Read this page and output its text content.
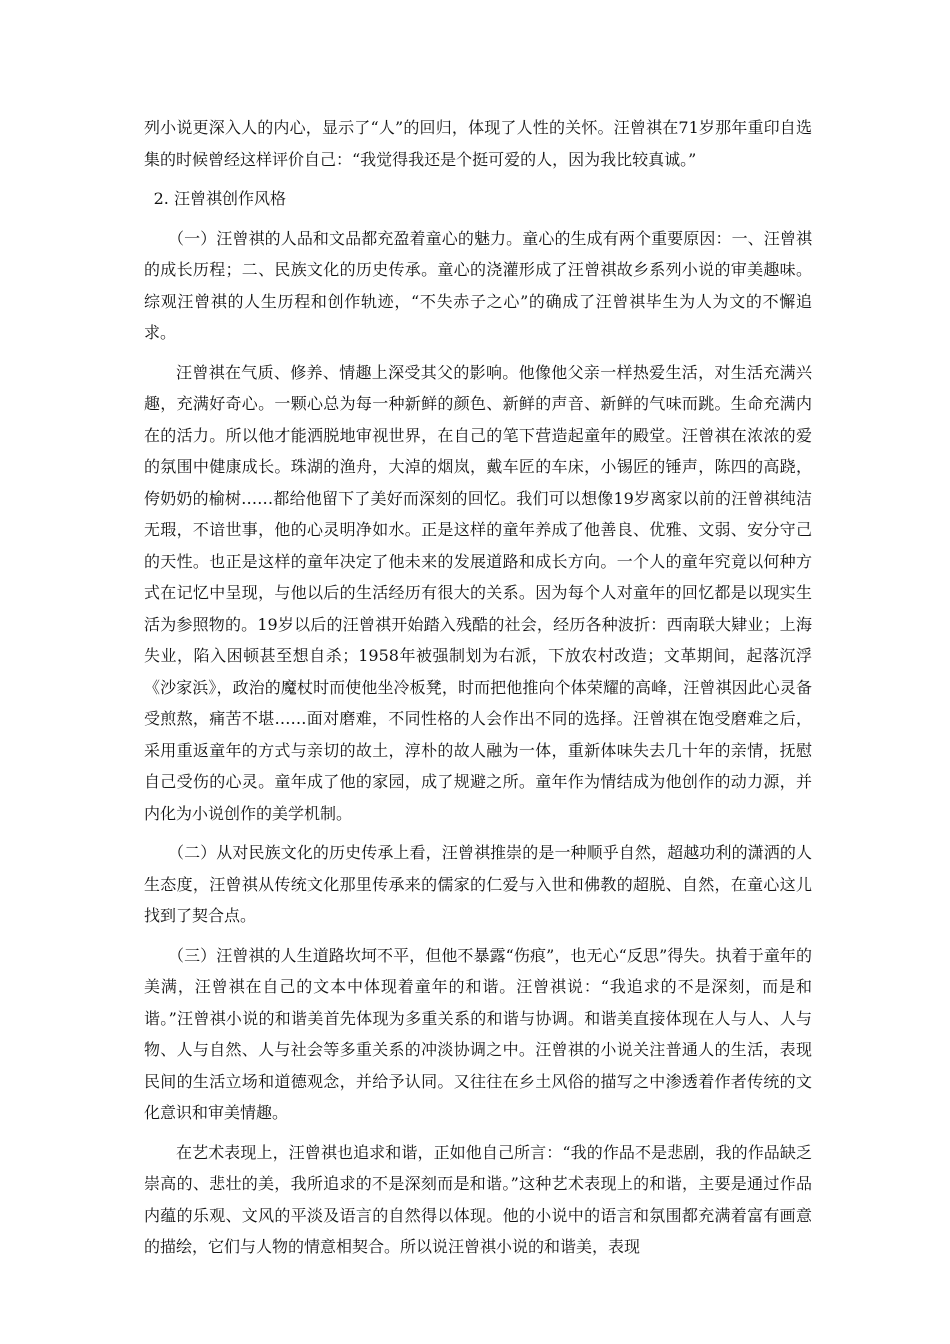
列小说更深入人的内心，显示了“人”的回归，体现了人性的关怀。汪曾祺在71岁那年重印自选集的时候曾经这样评价自己：“我觉得我还是个挺可爱的人，因为我比较真诚。”

2. 汪曾祺创作风格

（一）汪曾祺的人品和文品都充盈着童心的魅力。童心的生成有两个重要原因：一、汪曾祺的成长历程；二、民族文化的历史传承。童心的浇灌形成了汪曾祺故乡系列小说的审美趣味。综观汪曾祺的人生历程和创作轨迹，“不失赤子之心”的确成了汪曾祺毕生为人为文的不懈追求。

汪曾祺在气质、修养、情趣上深受其父的影响。他像他父亲一样热爱生活，对生活充满兴趣，充满好奇心。一颗心总为每一种新鲜的颜色、新鲜的声音、新鲜的气味而跳。生命充满内在的活力。所以他才能洒脱地审视世界，在自己的笔下营造起童年的殿堂。汪曾祺在浓浓的爱的氛围中健康成长。珠湖的渔舟，大淖的烟岚，戴车匠的车床，小锡匠的锤声，陈四的高跷，侉奶奶的榆树……都给他留下了美好而深刻的回忆。我们可以想像19岁离家以前的汪曾祺纯洁无瑕，不谙世事，他的心灵明净如水。正是这样的童年养成了他善良、优雅、文弱、安分守己的天性。也正是这样的童年决定了他未来的发展道路和成长方向。一个人的童年究竟以何种方式在记忆中呈现，与他以后的生活经历有很大的关系。因为每个人对童年的回忆都是以现实生活为参照物的。19岁以后的汪曾祺开始踏入残酷的社会，经历各种波折：西南联大肄业；上海失业，陷入困顿甚至想自杀；1958年被强制划为右派，下放农村改造；文革期间，起落沉浮《沙家浜》，政治的魔杖时而使他坐冷板凳，时而把他推向个体荣耀的高峰，汪曾祺因此心灵备受煎熬，痛苦不堪……面对磨难，不同性格的人会作出不同的选择。汪曾祺在饱受磨难之后，采用重返童年的方式与亲切的故土，淳朴的故人融为一体，重新体味失去几十年的亲情，抚慰自己受伤的心灵。童年成了他的家园，成了规避之所。童年作为情结成为他创作的动力源，并内化为小说创作的美学机制。

（二）从对民族文化的历史传承上看，汪曾祺推崇的是一种顺乎自然，超越功利的潇洒的人生态度，汪曾祺从传统文化那里传承来的儒家的仁爱与入世和佛教的超脱、自然，在童心这儿找到了契合点。

（三）汪曾祺的人生道路坎坷不平，但他不暴露“伤痕”，也无心“反思”得失。执着于童年的美满，汪曾祺在自己的文本中体现着童年的和谐。汪曾祺说：“我追求的不是深刻，而是和谐。”汪曾祺小说的和谐美首先体现为多重关系的和谐与协调。和谐美直接体现在人与人、人与物、人与自然、人与社会等多重关系的冲淡协调之中。汪曾祺的小说关注普通人的生活，表现民间的生活立场和道德观念，并给予认同。又往往在乡土风俗的描写之中渗透着作者传统的文化意识和审美情趣。

在艺术表现上，汪曾祺也追求和谐，正如他自己所言：“我的作品不是悲剧，我的作品缺乏崇高的、悲壮的美，我所追求的不是深刻而是和谐。”这种艺术表现上的和谐，主要是通过作品内蕴的乐观、文风的平淡及语言的自然得以体现。他的小说中的语言和氛围都充满着富有画意的描绘，它们与人物的情意相契合。所以说汪曾祺小说的和谐美，表现
